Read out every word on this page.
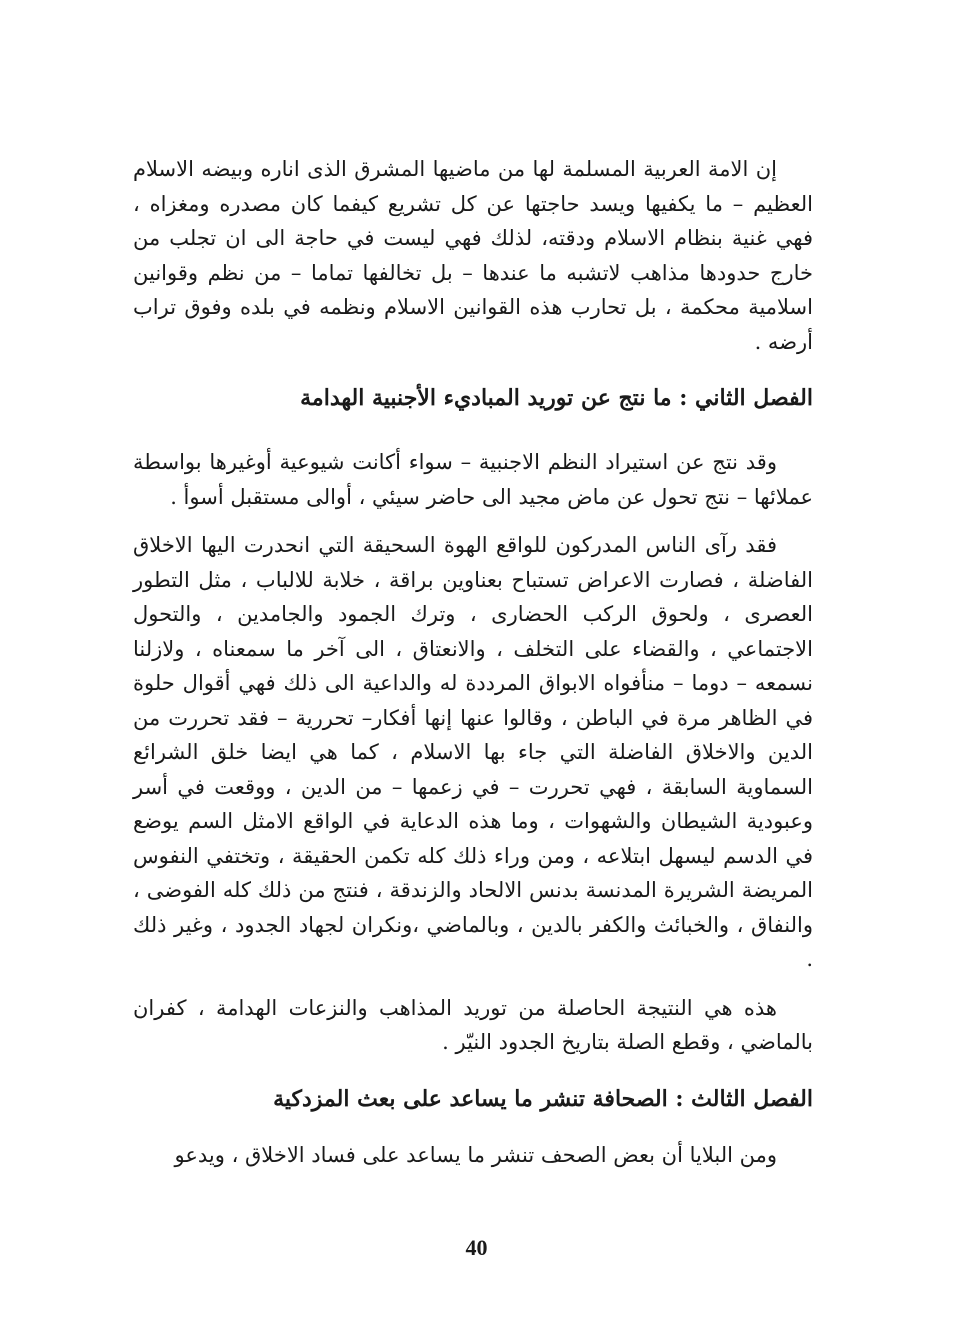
إن الامة العربية المسلمة لها من ماضيها المشرق الذى اناره وبيضه الاسلام العظيم – ما يكفيها ويسد حاجتها عن كل تشريع كيفما كان مصدره ومغزاه ، فهي غنية بنظام الاسلام ودقته، لذلك فهي ليست في حاجة الى ان تجلب من خارج حدودها مذاهب لاتشبه ما عندها – بل تخالفها تماما – من نظم وقوانين اسلامية محكمة ، بل تحارب هذه القوانين الاسلام ونظمه في بلده وفوق تراب أرضه .

الفصل الثاني : ما نتج عن توريد المباديء الأجنبية الهدامة

وقد نتج عن استيراد النظم الاجنبية – سواء أكانت شيوعية أوغيرها بواسطة عملائها – نتج تحول عن ماض مجيد الى حاضر سيئي ، أوالى مستقبل أسوأ .

فقد رآى الناس المدركون للواقع الهوة السحيقة التي انحدرت اليها الاخلاق الفاضلة ، فصارت الاعراض تستباح بعناوين براقة ، خلابة للالباب ، مثل التطور العصرى ، ولحوق الركب الحضارى ، وترك الجمود والجامدين ، والتحول الاجتماعي ، والقضاء على التخلف ، والانعتاق ، الى آخر ما سمعناه ، ولازلنا نسمعه – دوما – منأفواه الابواق المرددة له والداعية الى ذلك فهي أقوال حلوة في الظاهر مرة في الباطن ، وقالوا عنها إنها أفكار– تحررية – فقد تحررت من الدين والاخلاق الفاضلة التي جاء بها الاسلام ، كما هي ايضا خلق الشرائع السماوية السابقة ، فهي تحررت – في زعمها – من الدين ، ووقعت في أسر وعبودية الشيطان والشهوات ، وما هذه الدعاية في الواقع الامثل السم يوضع في الدسم ليسهل ابتلاعه ، ومن وراء ذلك كله تكمن الحقيقة ، وتختفي النفوس المريضة الشريرة المدنسة بدنس الالحاد والزندقة ، فنتج من ذلك كله الفوضى ، والنفاق ، والخبائث والكفر بالدين ، وبالماضي ،ونكران لجهاد الجدود ، وغير ذلك .

هذه هي النتيجة الحاصلة من توريد المذاهب والنزعات الهدامة ، كفران بالماضي ، وقطع الصلة بتاريخ الجدود النيّر .

الفصل الثالث : الصحافة تنشر ما يساعد على بعث المزدكية

ومن البلايا أن بعض الصحف تنشر ما يساعد على فساد الاخلاق ، ويدعو

40
